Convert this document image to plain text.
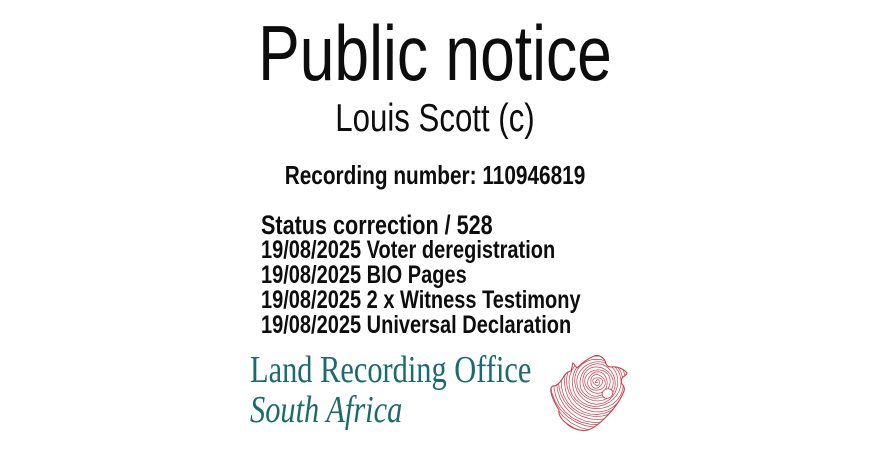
Public notice
Louis Scott (c)
Recording number: 110946819
Status correction / 528
19/08/2025 Voter deregistration
19/08/2025 BIO Pages
19/08/2025 2 x Witness Testimony
19/08/2025 Universal Declaration
Land Recording Office
South Africa
